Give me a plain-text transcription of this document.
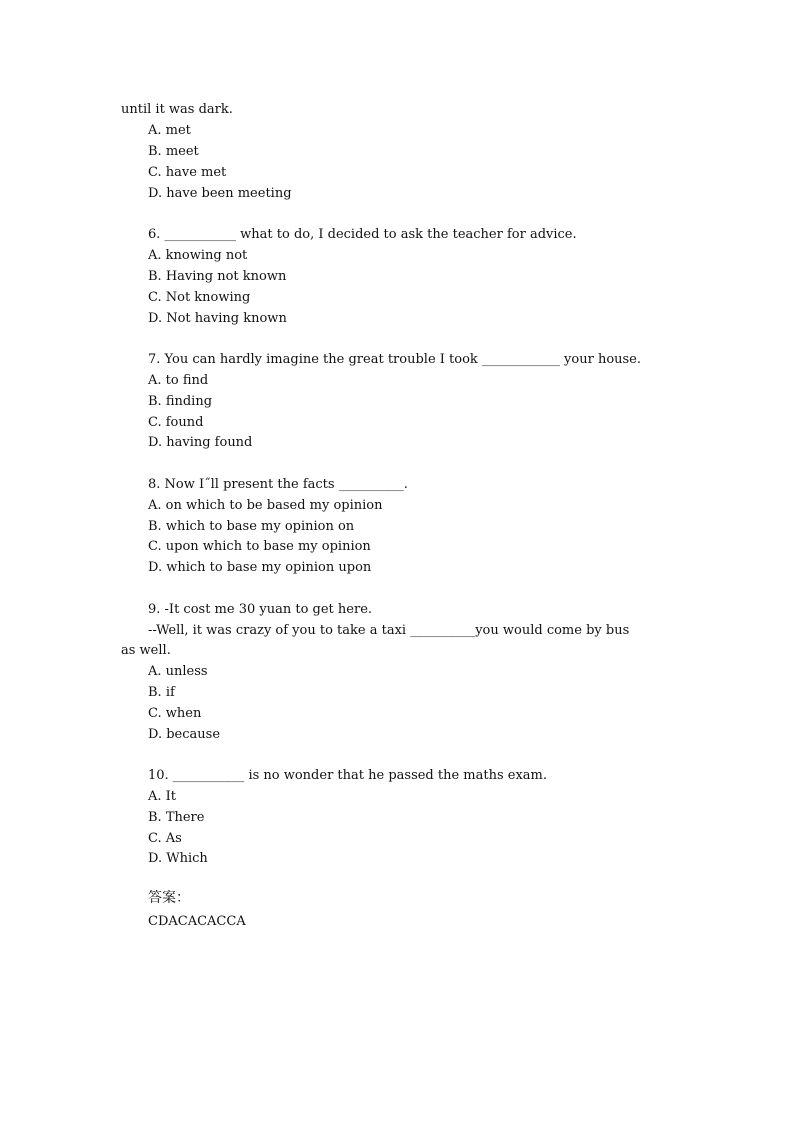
until it was dark.
A. met
B. meet
C. have met
D. have been meeting
6. ___________ what to do, I decided to ask the teacher for advice.
A. knowing not
B. Having not known
C. Not knowing
D. Not having known
7. You can hardly imagine the great trouble I took ____________ your house.
A. to find
B. finding
C. found
D. having found
8. Now I˝ll present the facts __________.
A. on which to be based my opinion
B. which to base my opinion on
C. upon which to base my opinion
D. which to base my opinion upon
9. -It cost me 30 yuan to get here.
--Well, it was crazy of you to take a taxi __________you would come by bus
as well.
A. unless
B. if
C. when
D. because
10. ___________ is no wonder that he passed the maths exam.
A. It
B. There
C. As
D. Which
答案：
CDACACACCA
